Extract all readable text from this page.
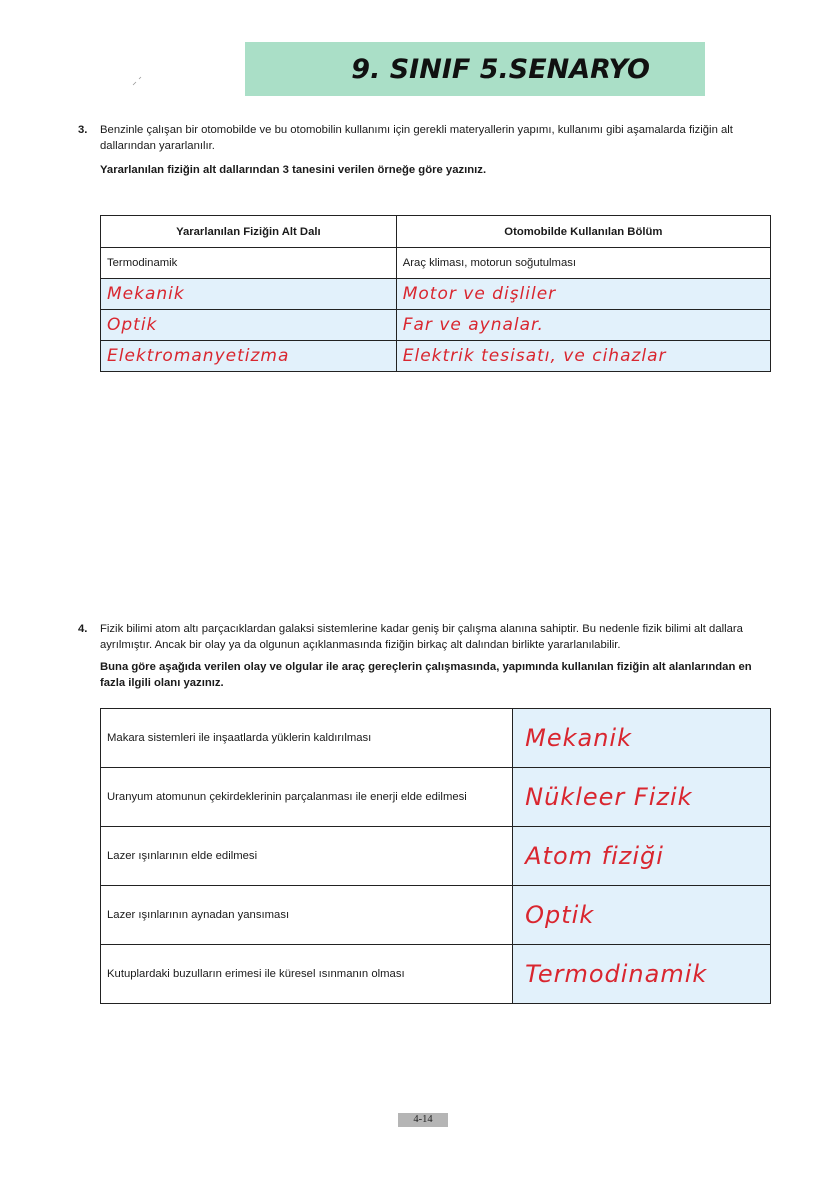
9. SINIF 5.SENARYO
3. Benzinle çalışan bir otomobilde ve bu otomobilin kullanımı için gerekli materyallerin yapımı, kullanımı gibi aşamalarda fiziğin alt dallarından yararlanılır.
Yararlanılan fiziğin alt dallarından 3 tanesini verilen örneğe göre yazınız.
Yararlanılan Fiziğin Alt Dalı	Otomobilde Kullanılan Bölüm
Termodinamik	Araç kliması, motorun soğutulması
Mekanik	Motor ve dişliler
Optik	Far ve aynalar.
Elektromanyetizma	Elektrik tesisatı, ve cihazlar
4. Fizik bilimi atom altı parçacıklardan galaksi sistemlerine kadar geniş bir çalışma alanına sahiptir. Bu nedenle fizik bilimi alt dallara ayrılmıştır. Ancak bir olay ya da olgunun açıklanmasında fiziğin birkaç alt dalından birlikte yararlanılabilir.
Buna göre aşağıda verilen olay ve olgular ile araç gereçlerin çalışmasında, yapımında kullanılan fiziğin alt alanlarından en fazla ilgili olanı yazınız.
Makara sistemleri ile inşaatlarda yüklerin kaldırılması	Mekanik
Uranyum atomunun çekirdeklerinin parçalanması ile enerji elde edilmesi	Nükleer Fizik
Lazer ışınlarının elde edilmesi	Atom fiziği
Lazer ışınlarının aynadan yansıması	Optik
Kutuplardaki buzulların erimesi ile küresel ısınmanın olması	Termodinamik
4-14
